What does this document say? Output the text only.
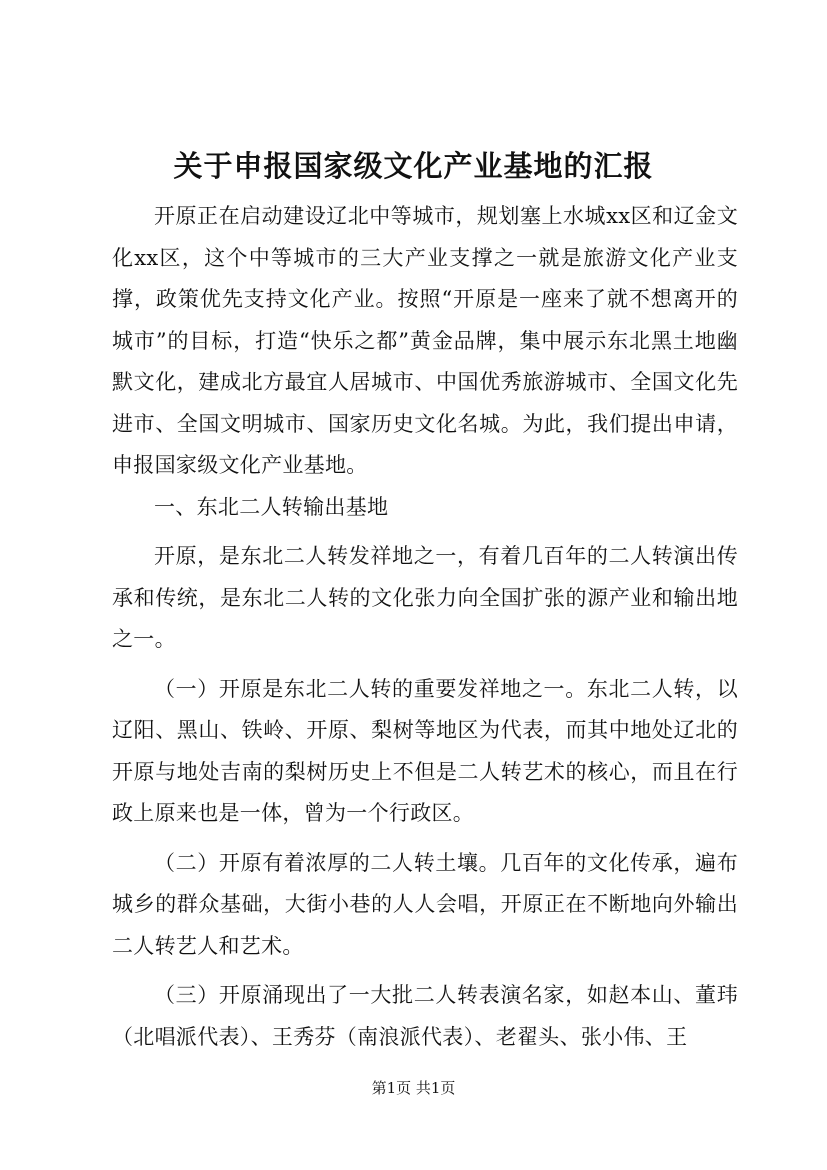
关于申报国家级文化产业基地的汇报

开原正在启动建设辽北中等城市，规划塞上水城xx区和辽金文化xx区，这个中等城市的三大产业支撑之一就是旅游文化产业支撑，政策优先支持文化产业。按照“开原是一座来了就不想离开的城市”的目标，打造“快乐之都”黄金品牌，集中展示东北黑土地幽默文化，建成北方最宜人居城市、中国优秀旅游城市、全国文化先进市、全国文明城市、国家历史文化名城。为此，我们提出申请，申报国家级文化产业基地。

一、东北二人转输出基地

开原，是东北二人转发祥地之一，有着几百年的二人转演出传承和传统，是东北二人转的文化张力向全国扩张的源产业和输出地之一。

（一）开原是东北二人转的重要发祥地之一。东北二人转，以辽阳、黑山、铁岭、开原、梨树等地区为代表，而其中地处辽北的开原与地处吉南的梨树历史上不但是二人转艺术的核心，而且在行政上原来也是一体，曾为一个行政区。

（二）开原有着浓厚的二人转土壤。几百年的文化传承，遍布城乡的群众基础，大街小巷的人人会唱，开原正在不断地向外输出二人转艺人和艺术。

（三）开原涌现出了一大批二人转表演名家，如赵本山、董玮（北唱派代表）、王秀芬（南浪派代表）、老翟头、张小伟、王

第1页 共1页
